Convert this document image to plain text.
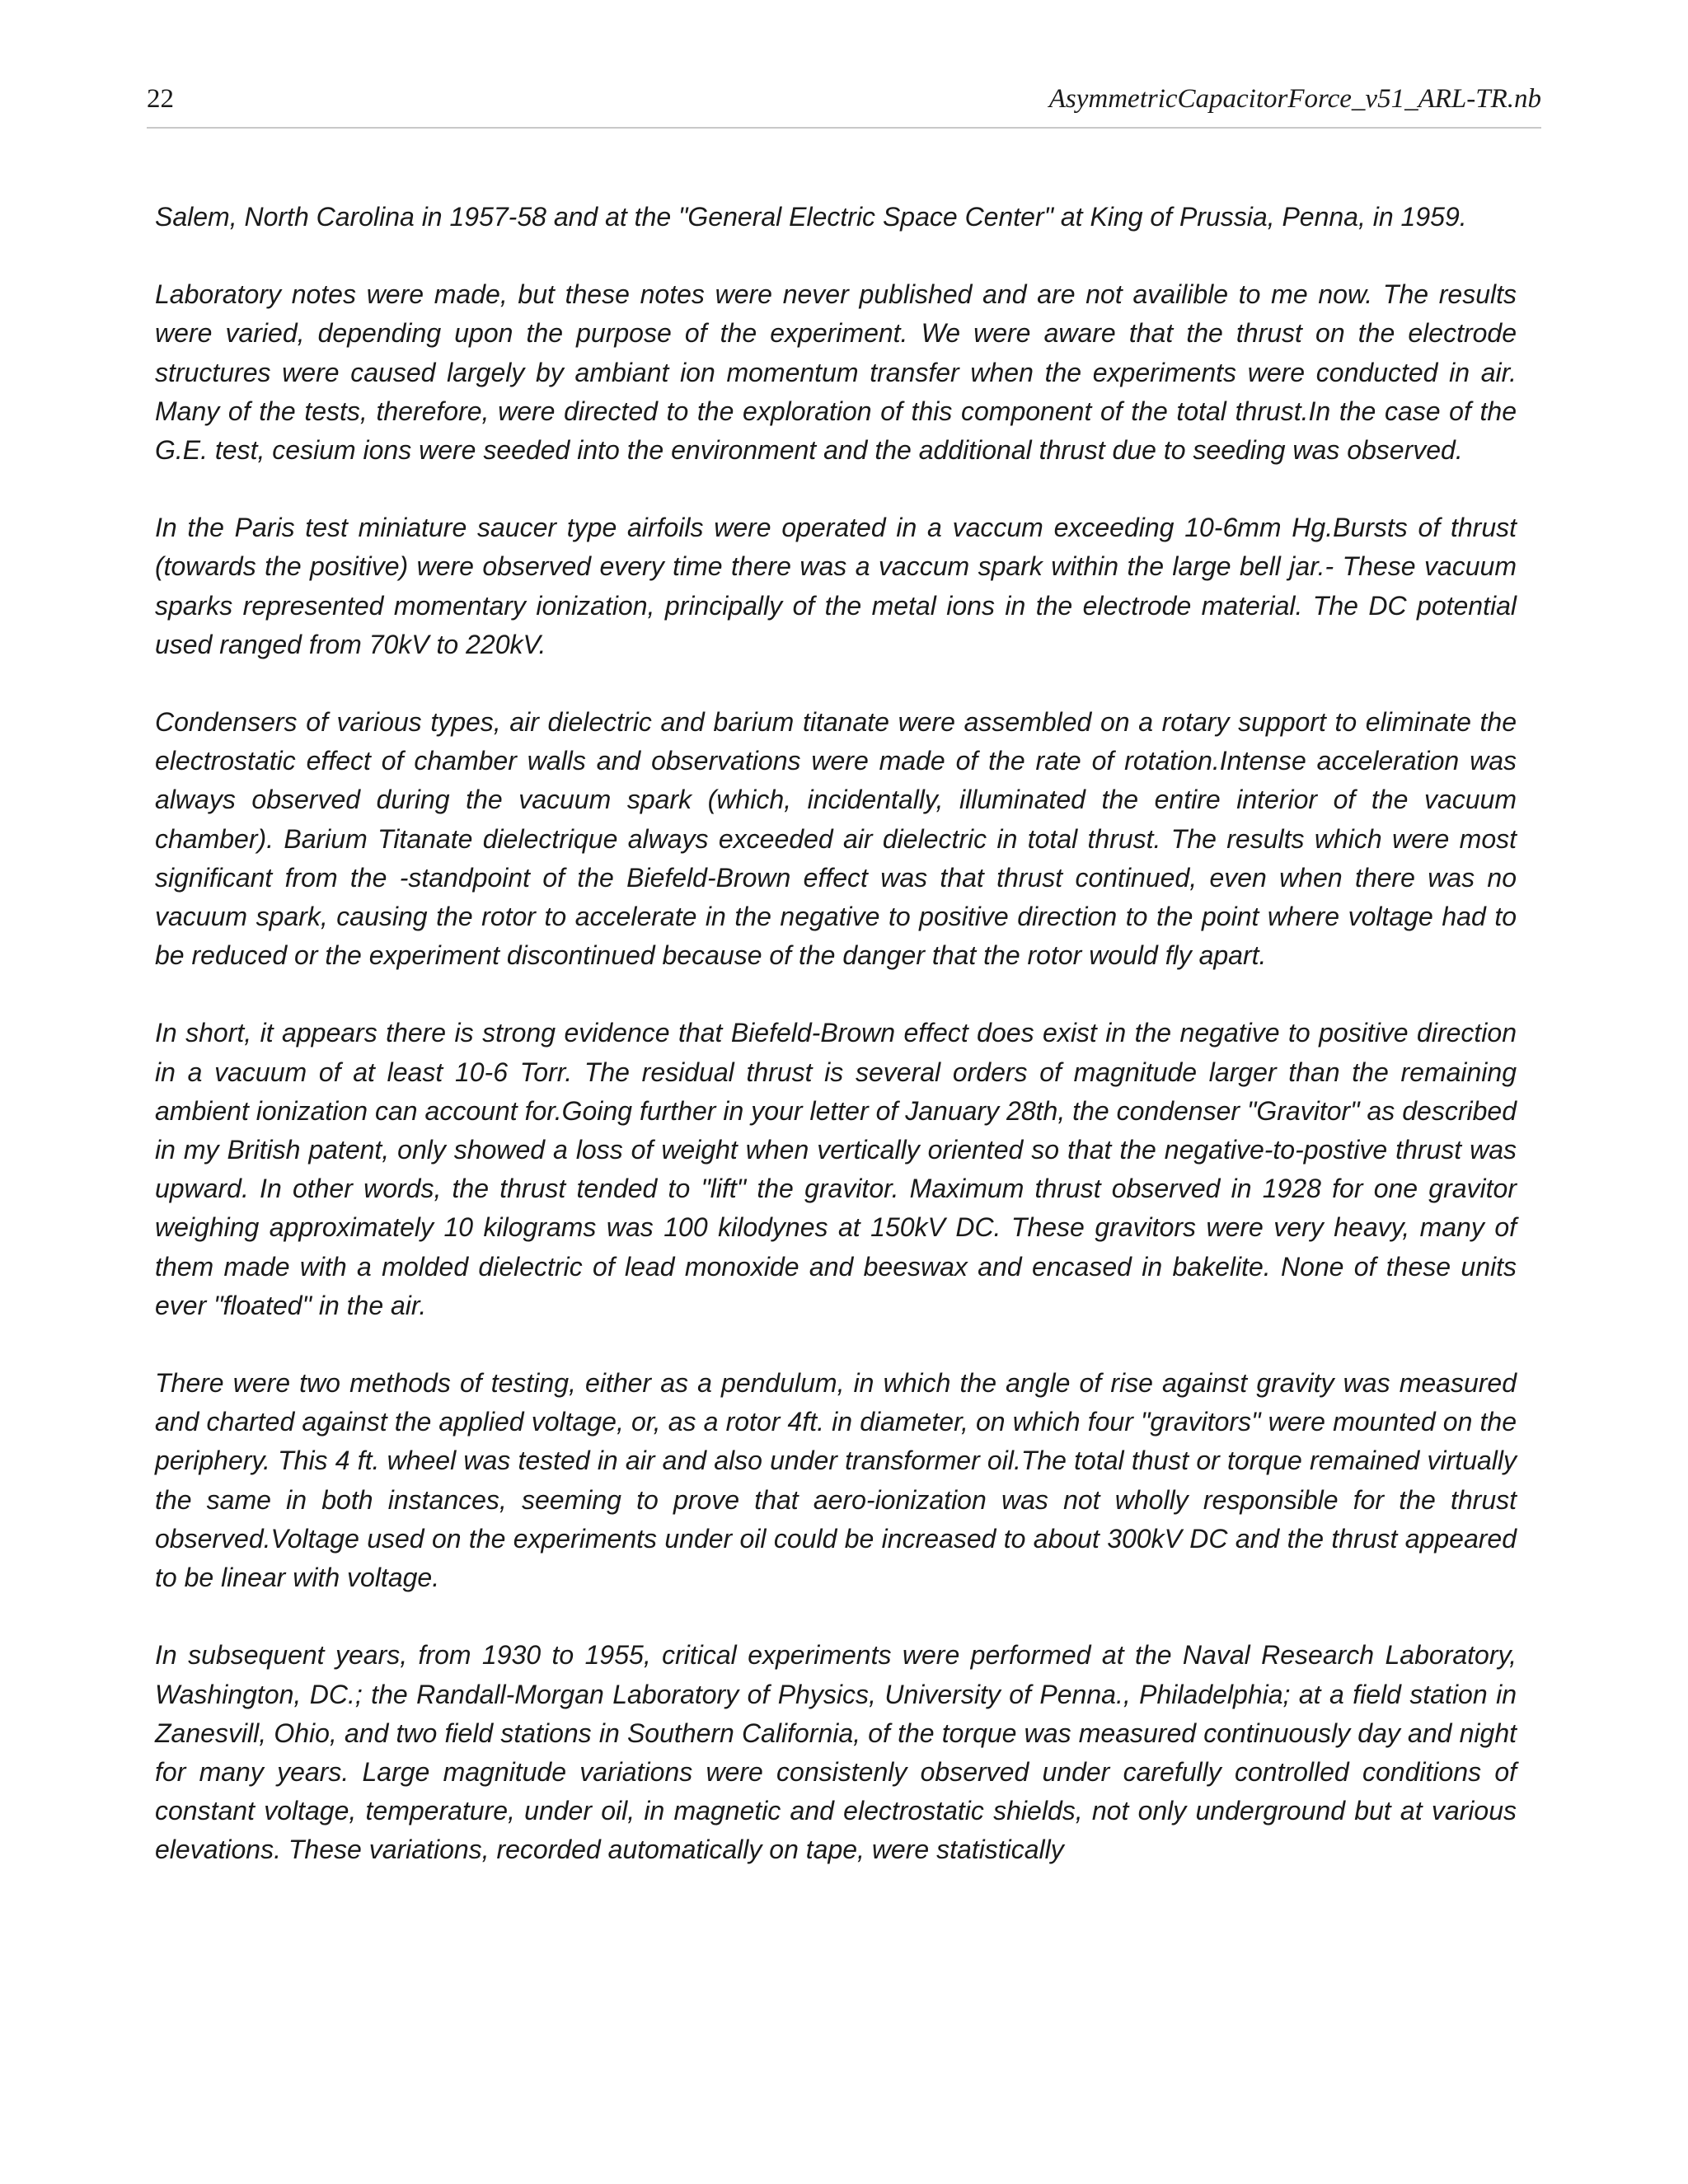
22	AsymmetricCapacitorForce_v51_ARL-TR.nb

Salem, North Carolina in 1957-58 and at the "General Electric Space Center" at King of Prussia, Penna, in 1959.

Laboratory notes were made, but these notes were never published and are not availible to me now. The results were varied, depending upon the purpose of the experiment. We were aware that the thrust on the electrode structures were caused largely by ambiant ion momentum transfer when the experiments were conducted in air. Many of the tests, therefore, were directed to the exploration of this component of the total thrust.In the case of the G.E. test, cesium ions were seeded into the environment and the additional thrust due to seeding was observed.

In the Paris test miniature saucer type airfoils were operated in a vaccum exceeding 10-6mm Hg.Bursts of thrust (towards the positive) were observed every time there was a vaccum spark within the large bell jar.- These vacuum sparks represented momentary ionization, principally of the metal ions in the electrode material. The DC potential used ranged from 70kV to 220kV.

Condensers of various types, air dielectric and barium titanate were assembled on a rotary support to eliminate the electrostatic effect of chamber walls and observations were made of the rate of rotation.Intense acceleration was always observed during the vacuum spark (which, incidentally, illuminated the entire interior of the vacuum chamber). Barium Titanate dielectrique always exceeded air dielectric in total thrust. The results which were most significant from the -standpoint of the Biefeld-Brown effect was that thrust continued, even when there was no vacuum spark, causing the rotor to accelerate in the negative to positive direction to the point where voltage had to be reduced or the experiment discontinued because of the danger that the rotor would fly apart.

In short, it appears there is strong evidence that Biefeld-Brown effect does exist in the negative to positive direction in a vacuum of at least 10-6 Torr. The residual thrust is several orders of magnitude larger than the remaining ambient ionization can account for.Going further in your letter of January 28th, the condenser "Gravitor" as described in my British patent, only showed a loss of weight when vertically oriented so that the negative-to-postive thrust was upward. In other words, the thrust tended to "lift" the gravitor. Maximum thrust observed in 1928 for one gravitor weighing approximately 10 kilograms was 100 kilodynes at 150kV DC. These gravitors were very heavy, many of them made with a molded dielectric of lead monoxide and beeswax and encased in bakelite. None of these units ever "floated" in the air.

There were two methods of testing, either as a pendulum, in which the angle of rise against gravity was measured and charted against the applied voltage, or, as a rotor 4ft. in diameter, on which four "gravitors" were mounted on the periphery. This 4 ft. wheel was tested in air and also under transformer oil.The total thust or torque remained virtually the same in both instances, seeming to prove that aero-ionization was not wholly responsible for the thrust observed.Voltage used on the experiments under oil could be increased to about 300kV DC and the thrust appeared to be linear with voltage.

In subsequent years, from 1930 to 1955, critical experiments were performed at the Naval Research Laboratory, Washington, DC.; the Randall-Morgan Laboratory of Physics, University of Penna., Philadelphia; at a field station in Zanesvill, Ohio, and two field stations in Southern California, of the torque was measured continuously day and night for many years. Large magnitude variations were consistenly observed under carefully controlled conditions of constant voltage, temperature, under oil, in magnetic and electrostatic shields, not only underground but at various elevations. These variations, recorded automatically on tape, were statistically
